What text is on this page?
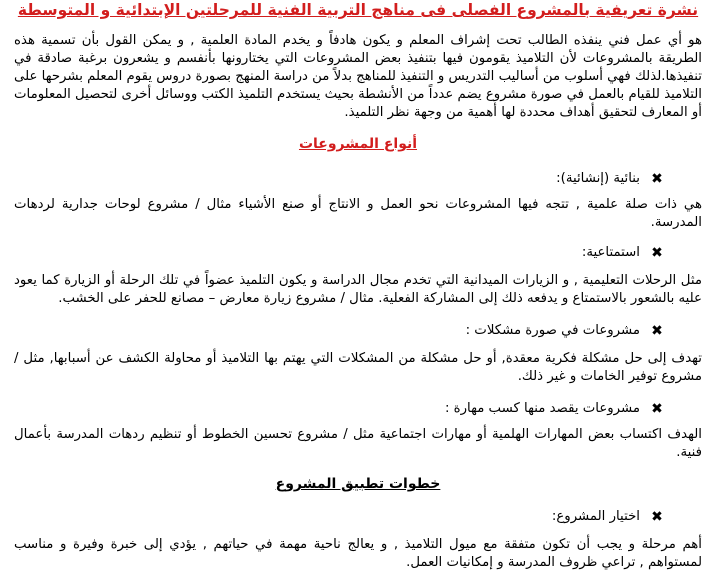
نشرة تعريفية بالمشروع الفصلى فى مناهج التربية الفنية للمرحلتين الإبتدائية و المتوسطة

هو أي عمل فني ينفذه الطالب تحت إشراف المعلم و يكون هادفاً و يخدم المادة العلمية , و يمكن القول بأن تسمية هذه الطريقة بالمشروعات لأن التلاميذ يقومون فيها بتنفيذ بعض المشروعات التي يختارونها بأنفسم و يشعرون برغبة صادقة في تنفيذها.لذلك فهي أسلوب من أساليب التدريس و التنفيذ للمناهج بدلاً من دراسة المنهج بصورة دروس يقوم المعلم بشرحها على التلاميذ للقيام بالعمل في صورة مشروع يضم عدداً من الأنشطة بحيث يستخدم التلميذ الكتب ووسائل أخرى لتحصيل المعلومات أو المعارف لتحقيق أهداف محددة لها أهمية من وجهة نظر التلميذ.

أنواع المشروعات

✖
بنائية (إنشائية):

هي ذات صلة علمية , تتجه فيها المشروعات نحو العمل و الانتاج أو صنع الأشياء مثال / مشروع لوحات جدارية لردهات المدرسة.

✖
استمتاعية:

مثل الرحلات التعليمية , و الزيارات الميدانية التي تخدم مجال الدراسة و يكون التلميذ عضواً في تلك الرحلة أو الزيارة كما يعود عليه بالشعور بالاستمتاع و يدفعه ذلك إلى المشاركة الفعلية. مثال / مشروع زيارة معارض – مصانع للحفر على الخشب.

✖
مشروعات في صورة مشكلات :

تهدف إلى حل مشكلة فكرية معقدة, أو حل مشكلة من المشكلات التي يهتم بها التلاميذ أو محاولة الكشف عن أسبابها, مثل / مشروع توفير الخامات و غير ذلك.

✖
مشروعات يقصد منها كسب مهارة :

الهدف اكتساب بعض المهارات الهلمية أو مهارات اجتماعية مثل / مشروع تحسين الخطوط أو تنظيم ردهات المدرسة بأعمال فنية.

خطوات تطبيق المشروع

✖
اختيار المشروع:

أهم مرحلة و يجب أن تكون متفقة مع ميول التلاميذ , و يعالج ناحية مهمة في حياتهم , يؤدي إلى خبرة وفيرة و مناسب لمستواهم , تراعي ظروف المدرسة و إمكانيات العمل.
